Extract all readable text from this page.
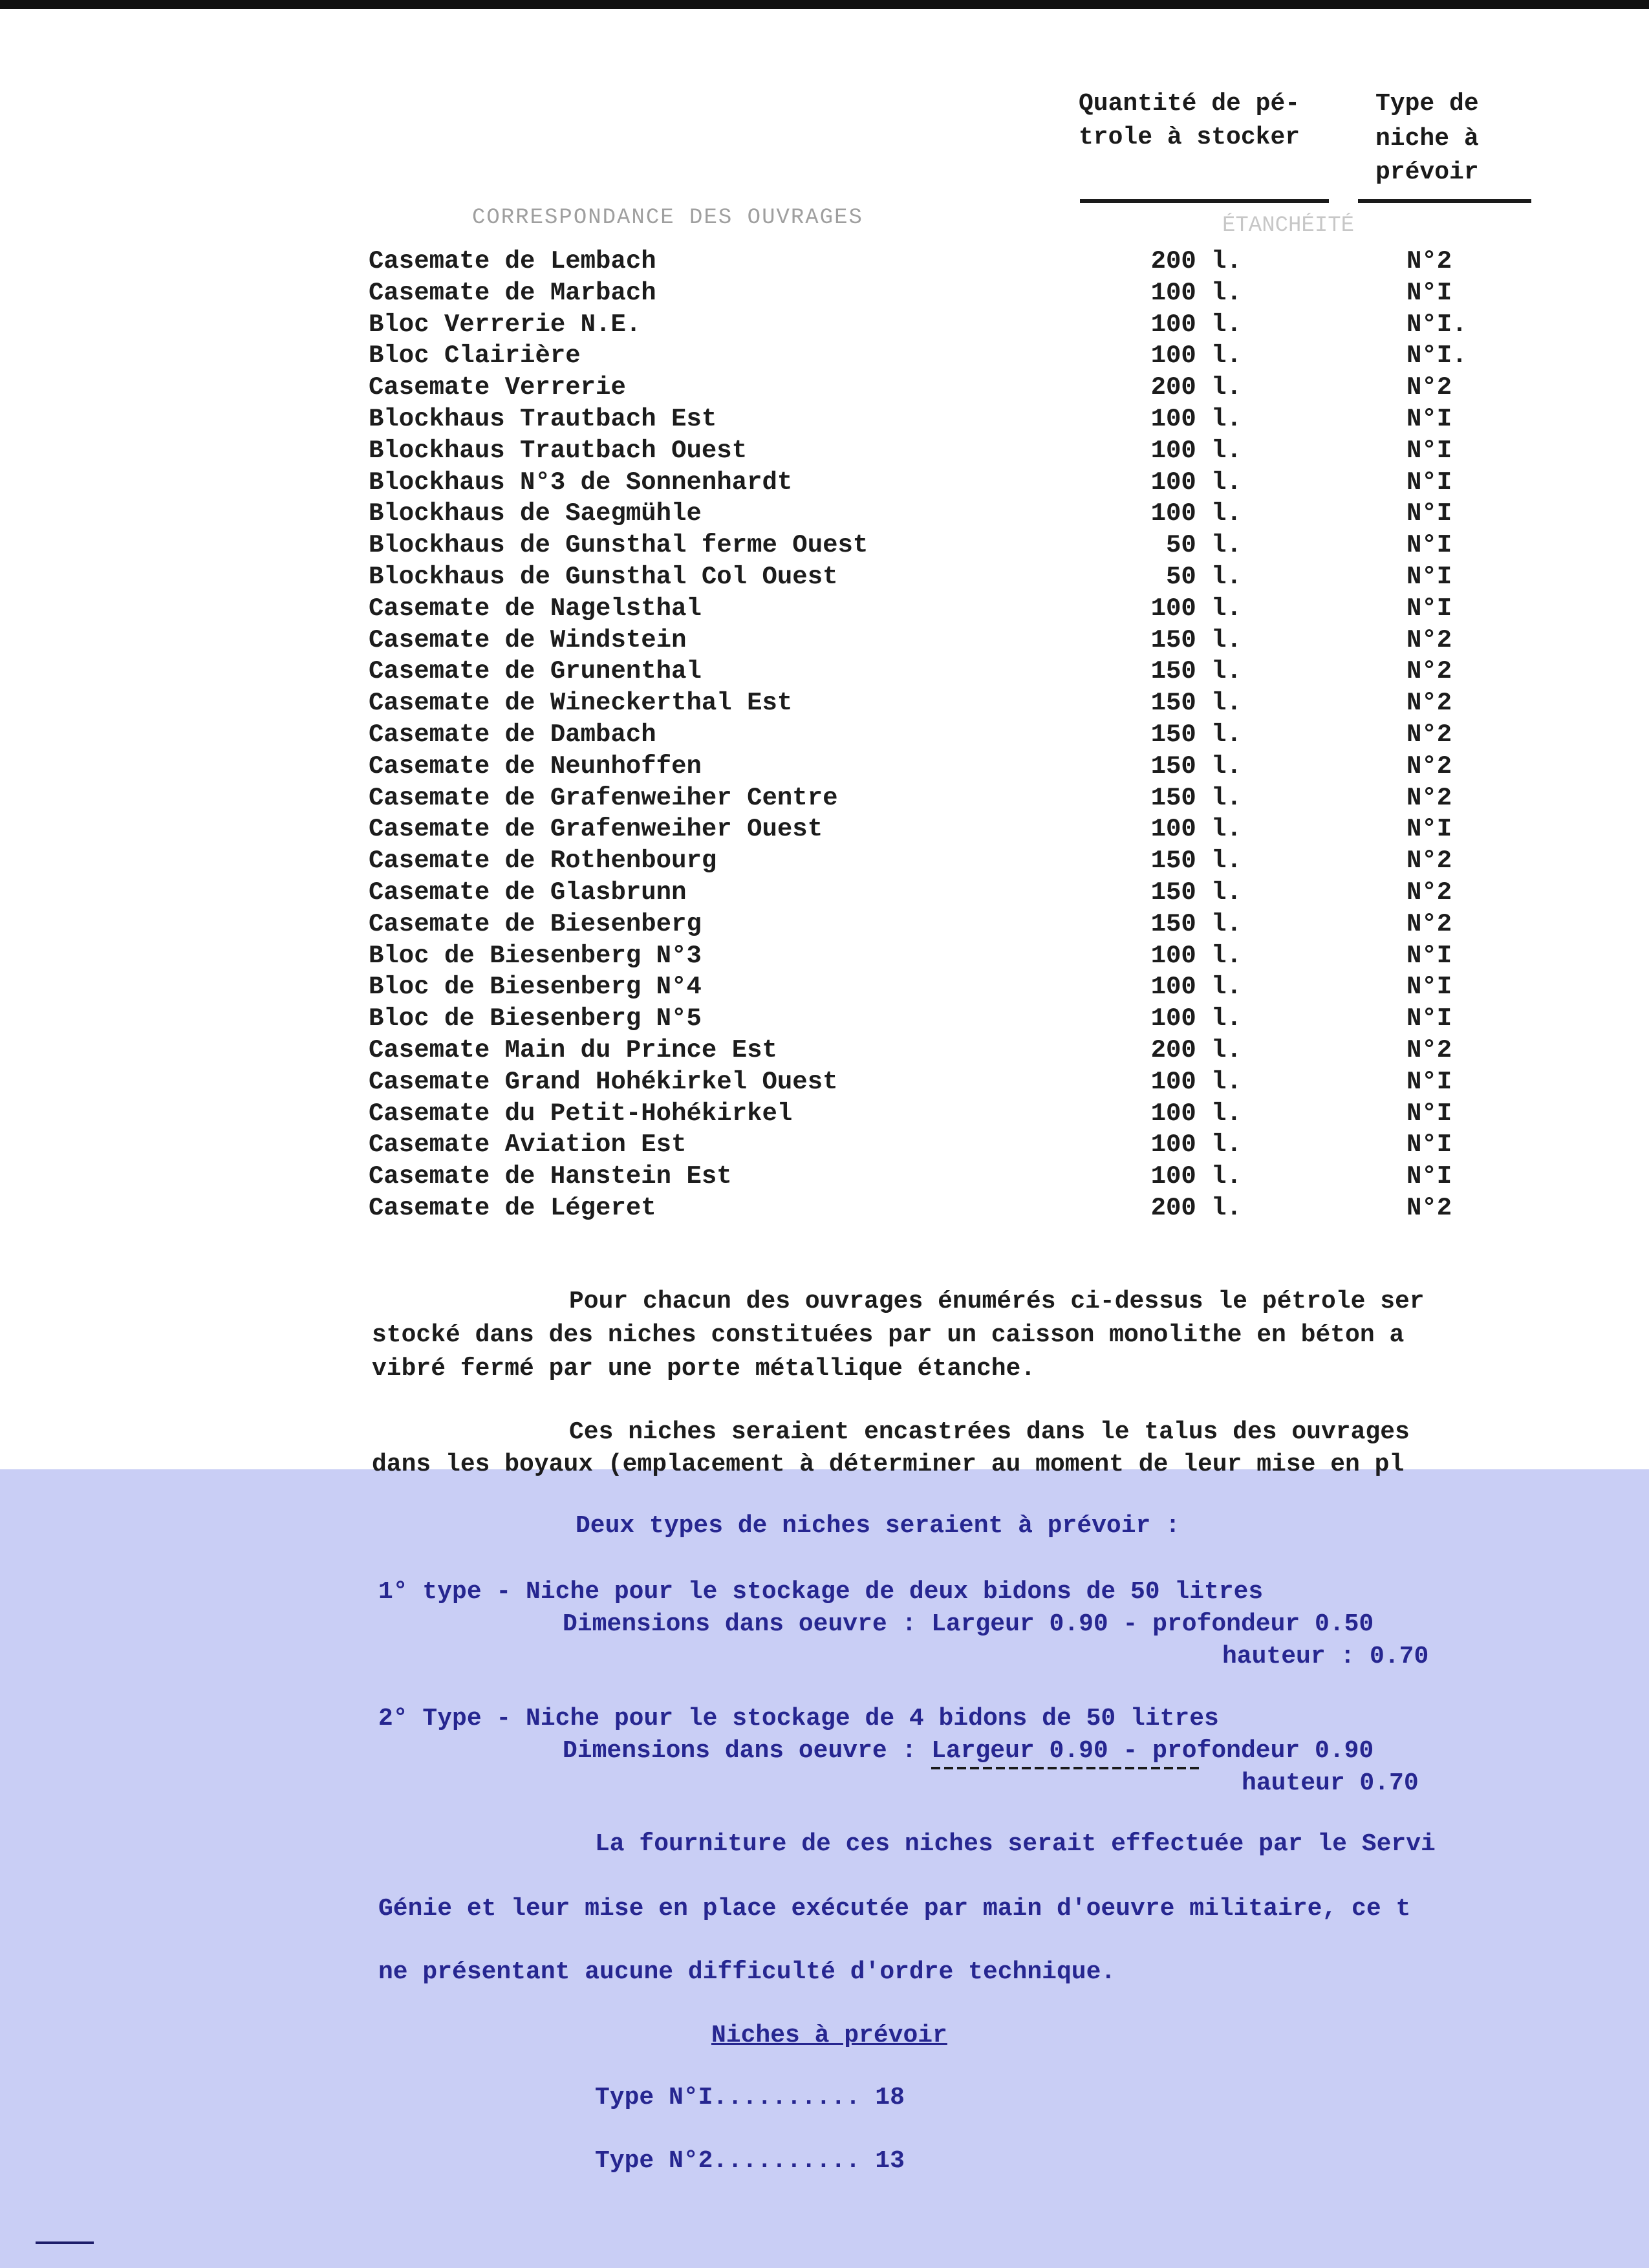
Quantité de pé-
trole à stocker
Type de
niche à
prévoir
CORRESPONDANCE DES OUVRAGES	ÉTANCHÉITÉ
Casemate de Lembach	200 l.	N°2
Casemate de Marbach	100 l.	N°I
Bloc Verrerie N.E.	100 l.	N°I.
Bloc Clairière	100 l.	N°I.
Casemate Verrerie	200 l.	N°2
Blockhaus Trautbach Est	100 l.	N°I
Blockhaus Trautbach Ouest	100 l.	N°I
Blockhaus N°3 de Sonnenhardt	100 l.	N°I
Blockhaus de Saegmühle	100 l.	N°I
Blockhaus de Gunsthal ferme Ouest	50 l.	N°I
Blockhaus de Gunsthal Col Ouest	50 l.	N°I
Casemate de Nagelsthal	100 l.	N°I
Casemate de Windstein	150 l.	N°2
Casemate de Grunenthal	150 l.	N°2
Casemate de Wineckerthal Est	150 l.	N°2
Casemate de Dambach	150 l.	N°2
Casemate de Neunhoffen	150 l.	N°2
Casemate de Grafenweiher Centre	150 l.	N°2
Casemate de Grafenweiher Ouest	100 l.	N°I
Casemate de Rothenbourg	150 l.	N°2
Casemate de Glasbrunn	150 l.	N°2
Casemate de Biesenberg	150 l.	N°2
Bloc de Biesenberg N°3	100 l.	N°I
Bloc de Biesenberg N°4	100 l.	N°I
Bloc de Biesenberg N°5	100 l.	N°I
Casemate Main du Prince Est	200 l.	N°2
Casemate Grand Hohékirkel Ouest	100 l.	N°I
Casemate du Petit-Hohékirkel	100 l.	N°I
Casemate Aviation Est	100 l.	N°I
Casemate de Hanstein Est	100 l.	N°I
Casemate de Légeret	200 l.	N°2
Pour chacun des ouvrages énumérés ci-dessus le pétrole ser
stocké dans des niches constituées par un caisson monolithe en béton a
vibré fermé par une porte métallique étanche.
Ces niches seraient encastrées dans le talus des ouvrages
dans les boyaux (emplacement à déterminer au moment de leur mise en pl
Deux types de niches seraient à prévoir :
1° type - Niche pour le stockage de deux bidons de 50 litres
Dimensions dans oeuvre : Largeur 0.90 - profondeur 0.50
hauteur : 0.70
2° Type - Niche pour le stockage de 4 bidons de 50 litres
Dimensions dans oeuvre : Largeur 0.90 - profondeur 0.90
hauteur 0.70
La fourniture de ces niches serait effectuée par le Servi
Génie et leur mise en place exécutée par main d'oeuvre militaire, ce t
ne présentant aucune difficulté d'ordre technique.
Niches à prévoir
Type N°I.......... 18
Type N°2.......... 13
